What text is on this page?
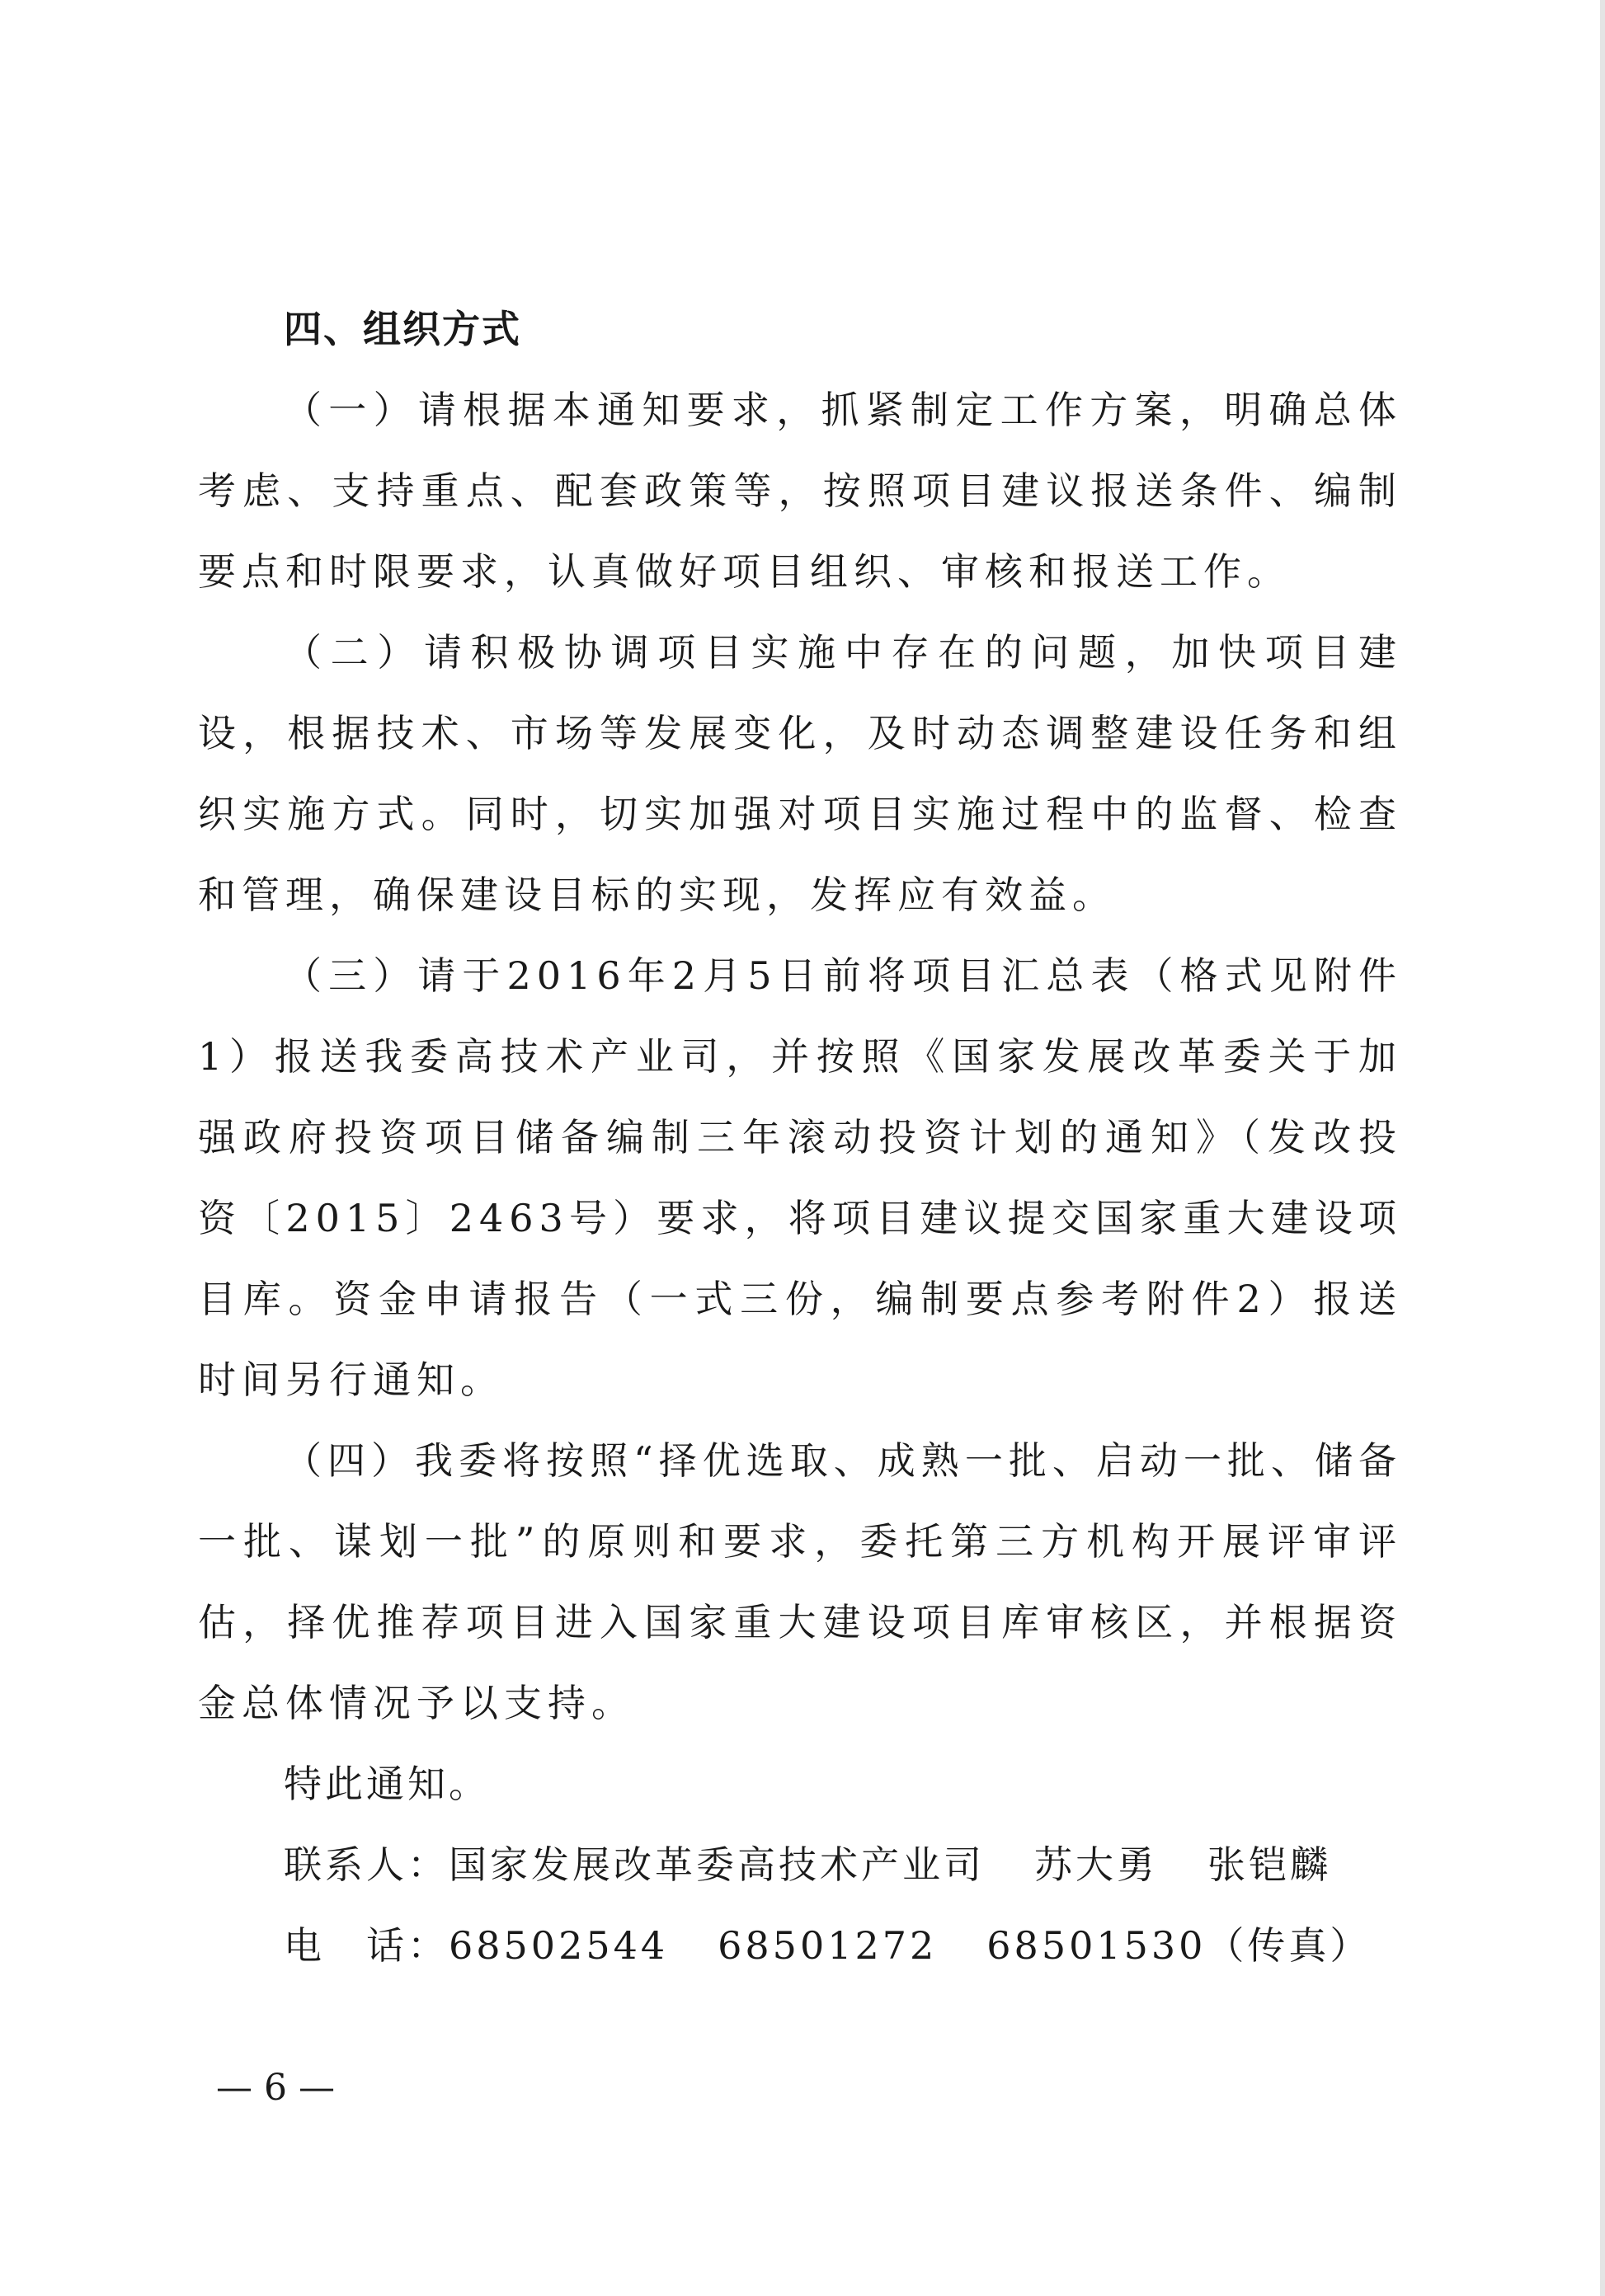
四、组织方式

（一）请根据本通知要求，抓紧制定工作方案，明确总体考虑、支持重点、配套政策等，按照项目建议报送条件、编制要点和时限要求，认真做好项目组织、审核和报送工作。

（二）请积极协调项目实施中存在的问题，加快项目建设，根据技术、市场等发展变化，及时动态调整建设任务和组织实施方式。同时，切实加强对项目实施过程中的监督、检查和管理，确保建设目标的实现，发挥应有效益。

（三）请于2016年2月5日前将项目汇总表（格式见附件1）报送我委高技术产业司，并按照《国家发展改革委关于加强政府投资项目储备编制三年滚动投资计划的通知》（发改投资〔2015〕2463号）要求，将项目建议提交国家重大建设项目库。资金申请报告（一式三份，编制要点参考附件2）报送时间另行通知。

（四）我委将按照“择优选取、成熟一批、启动一批、储备一批、谋划一批”的原则和要求，委托第三方机构开展评审评估，择优推荐项目进入国家重大建设项目库审核区，并根据资金总体情况予以支持。

特此通知。

联系人：国家发展改革委高技术产业司 苏大勇 张铠麟

电　话：68502544 68501272 68501530（传真）

— 6 —
